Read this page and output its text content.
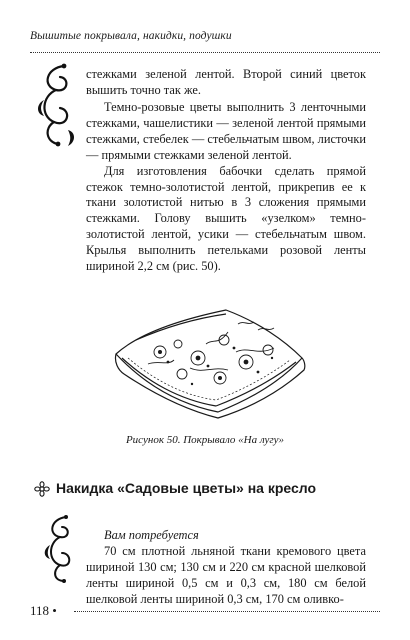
Вышитые покрывала, накидки, подушки

стежками зеленой лентой. Второй синий цветок вышить точно так же.

Темно-розовые цветы выполнить 3 ленточными стежками, чашелистики — зеленой лентой прямыми стежками, стебелек — стебельчатым швом, листочки — прямыми стежками зеленой лентой.

Для изготовления бабочки сделать прямой стежок темно-золотистой лентой, прикрепив ее к ткани золотистой нитью в 3 сложения прямыми стежками. Голову вышить «узелком» темно-золотистой лентой, усики — стебельчатым швом. Крылья выполнить петельками розовой ленты шириной 2,2 см (рис. 50).

Рисунок 50. Покрывало «На лугу»
Накидка «Садовые цветы» на кресло

Вам потребуется

70 см плотной льняной ткани кремового цвета шириной 130 см; 130 см и 220 см красной шелковой ленты шириной 0,5 см и 0,3 см, 180 см белой шелковой ленты шириной 0,3 см, 170 см оливко-

118 •
